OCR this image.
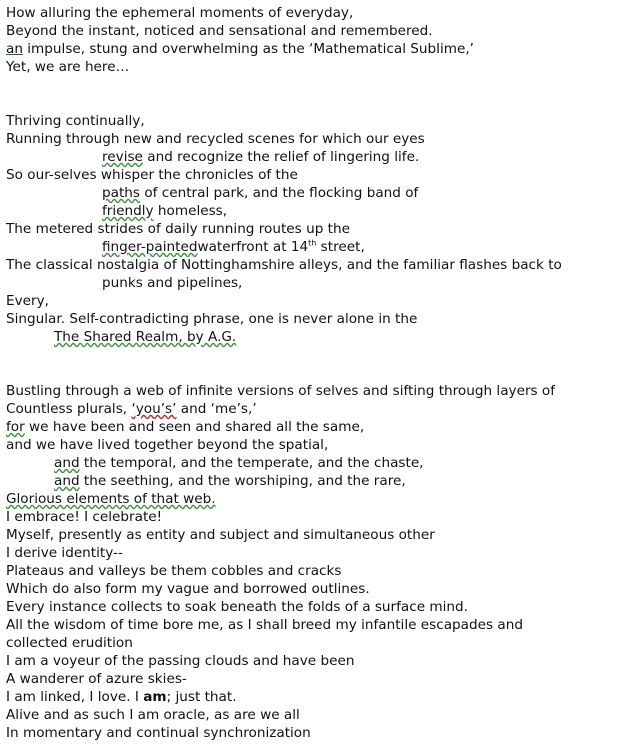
How alluring the ephemeral moments of everyday,
Beyond the instant, noticed and sensational and remembered.
an impulse, stung and overwhelming as the ‘Mathematical Sublime,’
Yet, we are here…
Thriving continually,
Running through new and recycled scenes for which our eyes
revise and recognize the relief of lingering life.
So our-selves whisper the chronicles of the
paths of central park, and the flocking band of
friendly homeless,
The metered strides of daily running routes up the
finger-paintedwaterfront at 14th street,
The classical nostalgia of Nottinghamshire alleys, and the familiar flashes back to
punks and pipelines,
Every,
Singular. Self-contradicting phrase, one is never alone in the
The Shared Realm, by A.G.
Bustling through a web of infinite versions of selves and sifting through layers of
Countless plurals, ‘you’s’ and ‘me’s,’
for we have been and seen and shared all the same,
and we have lived together beyond the spatial,
and the temporal, and the temperate, and the chaste,
and the seething, and the worshiping, and the rare,
Glorious elements of that web.
I embrace! I celebrate!
Myself, presently as entity and subject and simultaneous other
I derive identity--
Plateaus and valleys be them cobbles and cracks
Which do also form my vague and borrowed outlines.
Every instance collects to soak beneath the folds of a surface mind.
All the wisdom of time bore me, as I shall breed my infantile escapades and
collected erudition
I am a voyeur of the passing clouds and have been
A wanderer of azure skies-
I am linked, I love. I am; just that.
Alive and as such I am oracle, as are we all
In momentary and continual synchronization
